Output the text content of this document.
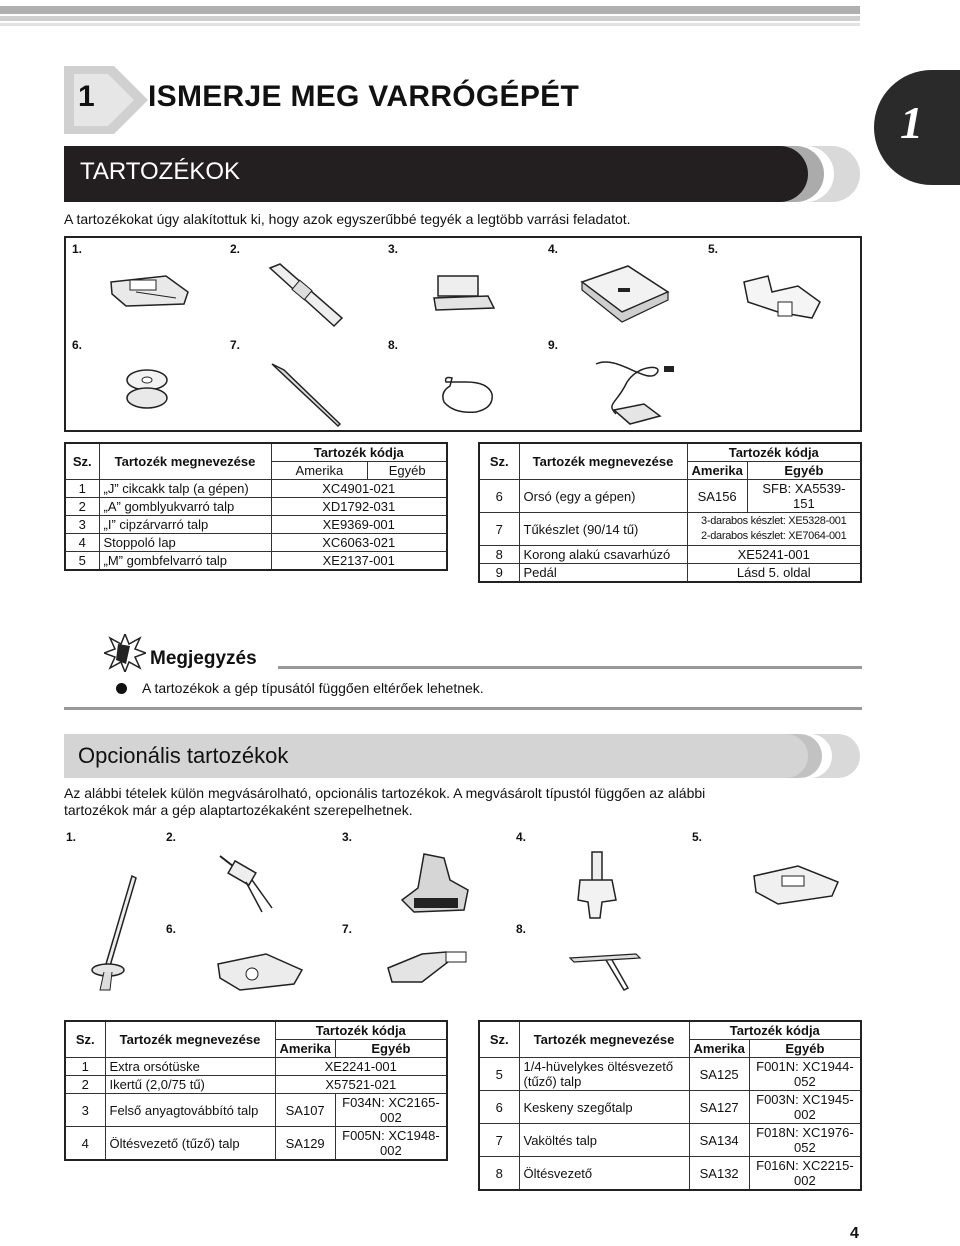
1 ISMERJE MEG VARRÓGÉPÉT
1
TARTOZÉKOK
A tartozékokat úgy alakítottuk ki, hogy azok egyszerűbbé tegyék a legtöbb varrási feladatot.
1.	2.	3.	4.	5.
6.	7.	8.	9.
Sz.	Tartozék megnevezése	Tartozék kódja	
		Amerika	Egyéb
1	„J” cikcakk talp (a gépen)	XC4901-021	
2	„A” gomblyukvarró talp	XD1792-031	
3	„I” cipzárvarró talp	XE9369-001	
4	Stoppoló lap	XC6063-021	
5	„M” gombfelvarró talp	XE2137-001	
Sz.	Tartozék megnevezése	Tartozék kódja	
		Amerika	Egyéb
6	Orsó (egy a gépen)	SA156	SFB: XA5539-151
7	Tűkészlet (90/14 tű)	3-darabos készlet: XE5328-001
2-darabos készlet: XE7064-001	

8	Korong alakú csavarhúzó	XE5241-001	
9	Pedál	Lásd 5. oldal	
Megjegyzés
A tartozékok a gép típusától függően eltérőek lehetnek.
Opcionális tartozékok
Az alábbi tételek külön megvásárolható, opcionális tartozékok. A megvásárolt típustól függően az alábbi
tartozékok már a gép alaptartozékaként szerepelhetnek.
1.	2.	3.	4.	5.
6.	7.	8.
Sz.	Tartozék megnevezése	Tartozék kódja	
		Amerika	Egyéb
1	Extra orsótüske	XE2241-001	
2	Ikertű (2,0/75 tű)	X57521-021	
3	Felső anyagtovábbító talp	SA107	F034N: XC2165-002
4	Öltésvezető (tűző) talp	SA129	F005N: XC1948-002
Sz.	Tartozék megnevezése	Tartozék kódja	
		Amerika	Egyéb
5	1/4-hüvelykes öltésvezető (tűző) talp	SA125	F001N: XC1944-052
6	Keskeny szegőtalp	SA127	F003N: XC1945-002
7	Vaköltés talp	SA134	F018N: XC1976-052
8	Öltésvezető	SA132	F016N: XC2215-002
4
